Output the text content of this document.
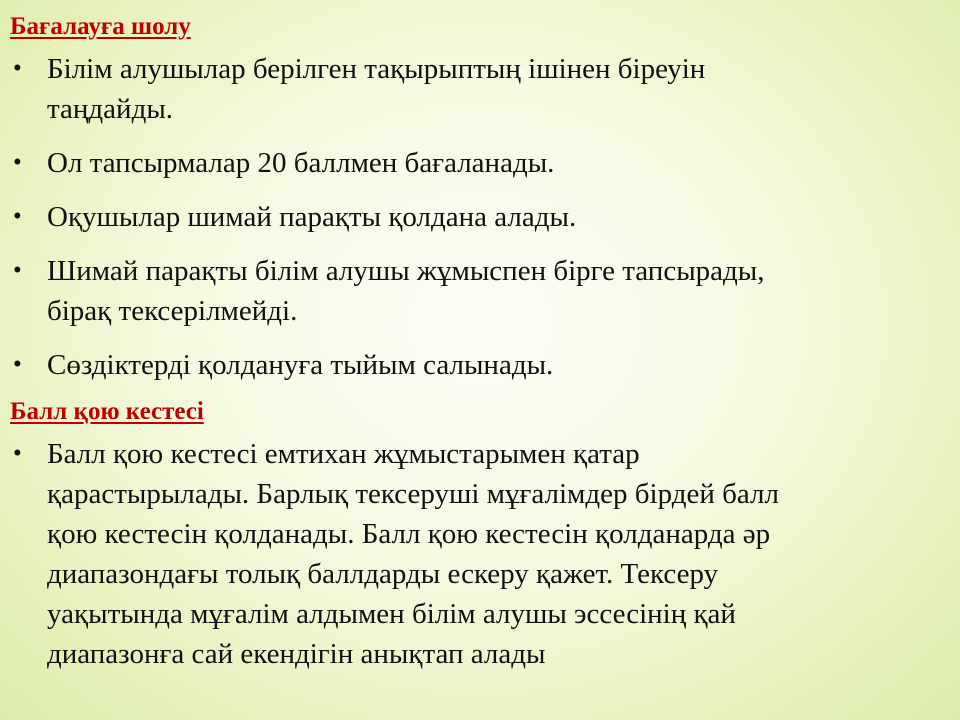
Бағалауға шолу
• Білім алушылар берілген тақырыптың ішінен біреуін
таңдайды.
• Ол тапсырмалар 20 баллмен бағаланады.
• Оқушылар шимай парақты қолдана алады.
• Шимай парақты білім алушы жұмыспен бірге тапсырады,
бірақ тексерілмейді.
• Сөздіктерді қолдануға тыйым салынады.
Балл қою кестесі
• Балл қою кестесі емтихан жұмыстарымен қатар
қарастырылады. Барлық тексеруші мұғалімдер бірдей балл
қою кестесін қолданады. Балл қою кестесін қолданарда әр
диапазондағы толық баллдарды ескеру қажет. Тексеру
уақытында мұғалім алдымен білім алушы эссесінің қай
диапазонға сай екендігін анықтап алады
